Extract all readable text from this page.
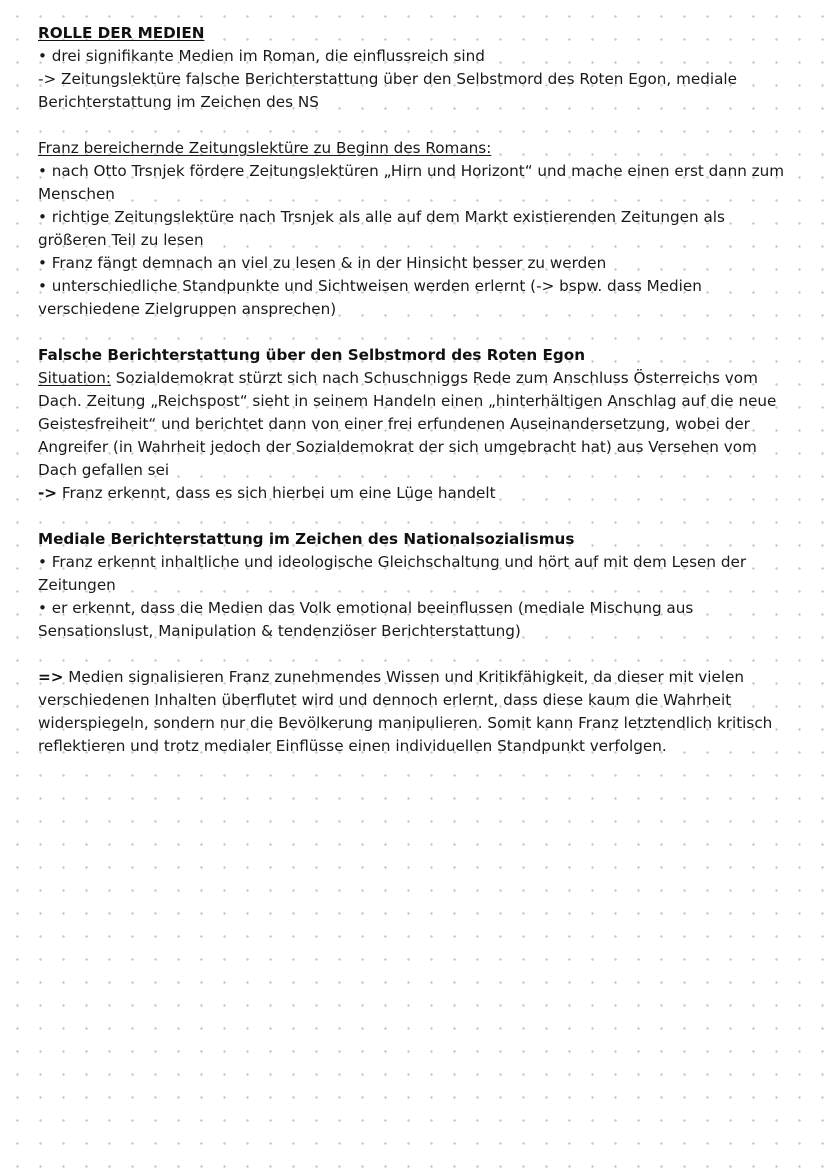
ROLLE DER MEDIEN
• drei signifikante Medien im Roman, die einflussreich sind
-> Zeitungslektüre falsche Berichterstattung über den Selbstmord des Roten Egon, mediale
Berichterstattung im Zeichen des NS
Franz bereichernde Zeitungslektüre zu Beginn des Romans:
• nach Otto Trsnjek fördere Zeitungslektüren „Hirn und Horizont“ und mache einen erst dann zum
Menschen
• richtige Zeitungslektüre nach Trsnjek als alle auf dem Markt existierenden Zeitungen als
größeren Teil zu lesen
• Franz fängt demnach an viel zu lesen & in der Hinsicht besser zu werden
• unterschiedliche Standpunkte und Sichtweisen werden erlernt (-> bspw. dass Medien
verschiedene Zielgruppen ansprechen)
Falsche Berichterstattung über den Selbstmord des Roten Egon
Situation: Sozialdemokrat stürzt sich nach Schuschniggs Rede zum Anschluss Österreichs vom
Dach. Zeitung „Reichspost“ sieht in seinem Handeln einen „hinterhältigen Anschlag auf die neue
Geistesfreiheit“ und berichtet dann von einer frei erfundenen Auseinandersetzung, wobei der
Angreifer (in Wahrheit jedoch der Sozialdemokrat der sich umgebracht hat) aus Versehen vom
Dach gefallen sei
-> Franz erkennt, dass es sich hierbei um eine Lüge handelt
Mediale Berichterstattung im Zeichen des Nationalsozialismus
• Franz erkennt inhaltliche und ideologische Gleichschaltung und hört auf mit dem Lesen der
Zeitungen
• er erkennt, dass die Medien das Volk emotional beeinflussen (mediale Mischung aus
Sensationslust, Manipulation & tendenziöser Berichterstattung)
=> Medien signalisieren Franz zunehmendes Wissen und Kritikfähigkeit, da dieser mit vielen
verschiedenen Inhalten überflutet wird und dennoch erlernt, dass diese kaum die Wahrheit
widerspiegeln, sondern nur die Bevölkerung manipulieren. Somit kann Franz letztendlich kritisch
reflektieren und trotz medialer Einflüsse einen individuellen Standpunkt verfolgen.
